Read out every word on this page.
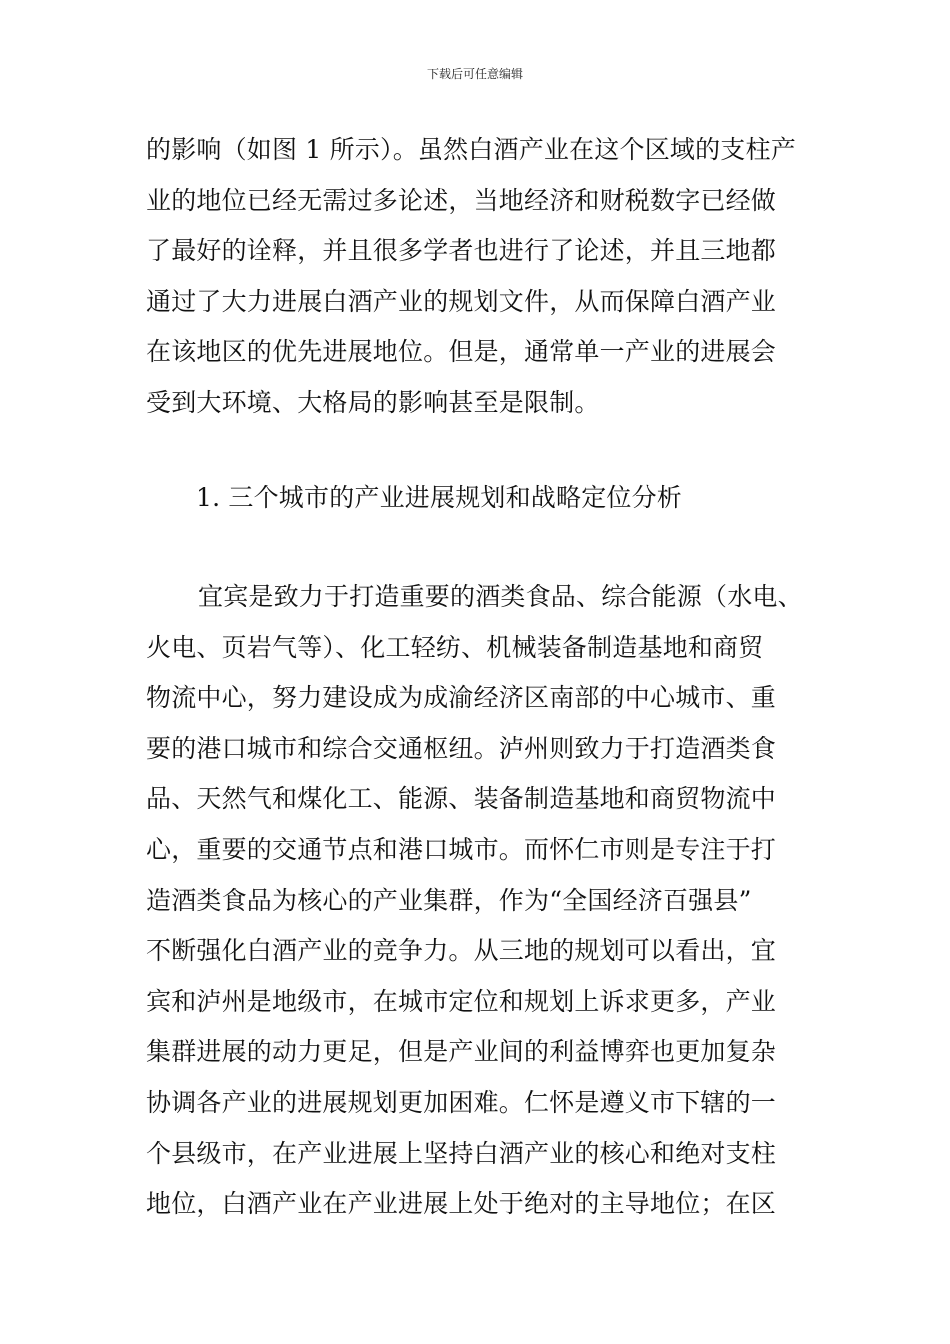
下载后可任意编辑
的影响（如图 1 所示）。虽然白酒产业在这个区域的支柱产
业的地位已经无需过多论述，当地经济和财税数字已经做
了最好的诠释，并且很多学者也进行了论述，并且三地都
通过了大力进展白酒产业的规划文件，从而保障白酒产业
在该地区的优先进展地位。但是，通常单一产业的进展会
受到大环境、大格局的影响甚至是限制。
1. 三个城市的产业进展规划和战略定位分析
宜宾是致力于打造重要的酒类食品、综合能源（水电、
火电、页岩气等）、化工轻纺、机械装备制造基地和商贸
物流中心，努力建设成为成渝经济区南部的中心城市、重
要的港口城市和综合交通枢纽。泸州则致力于打造酒类食
品、天然气和煤化工、能源、装备制造基地和商贸物流中
心，重要的交通节点和港口城市。而怀仁市则是专注于打
造酒类食品为核心的产业集群，作为“全国经济百强县”
不断强化白酒产业的竞争力。从三地的规划可以看出，宜
宾和泸州是地级市，在城市定位和规划上诉求更多，产业
集群进展的动力更足，但是产业间的利益博弈也更加复杂
协调各产业的进展规划更加困难。仁怀是遵义市下辖的一
个县级市，在产业进展上坚持白酒产业的核心和绝对支柱
地位，白酒产业在产业进展上处于绝对的主导地位；在区
